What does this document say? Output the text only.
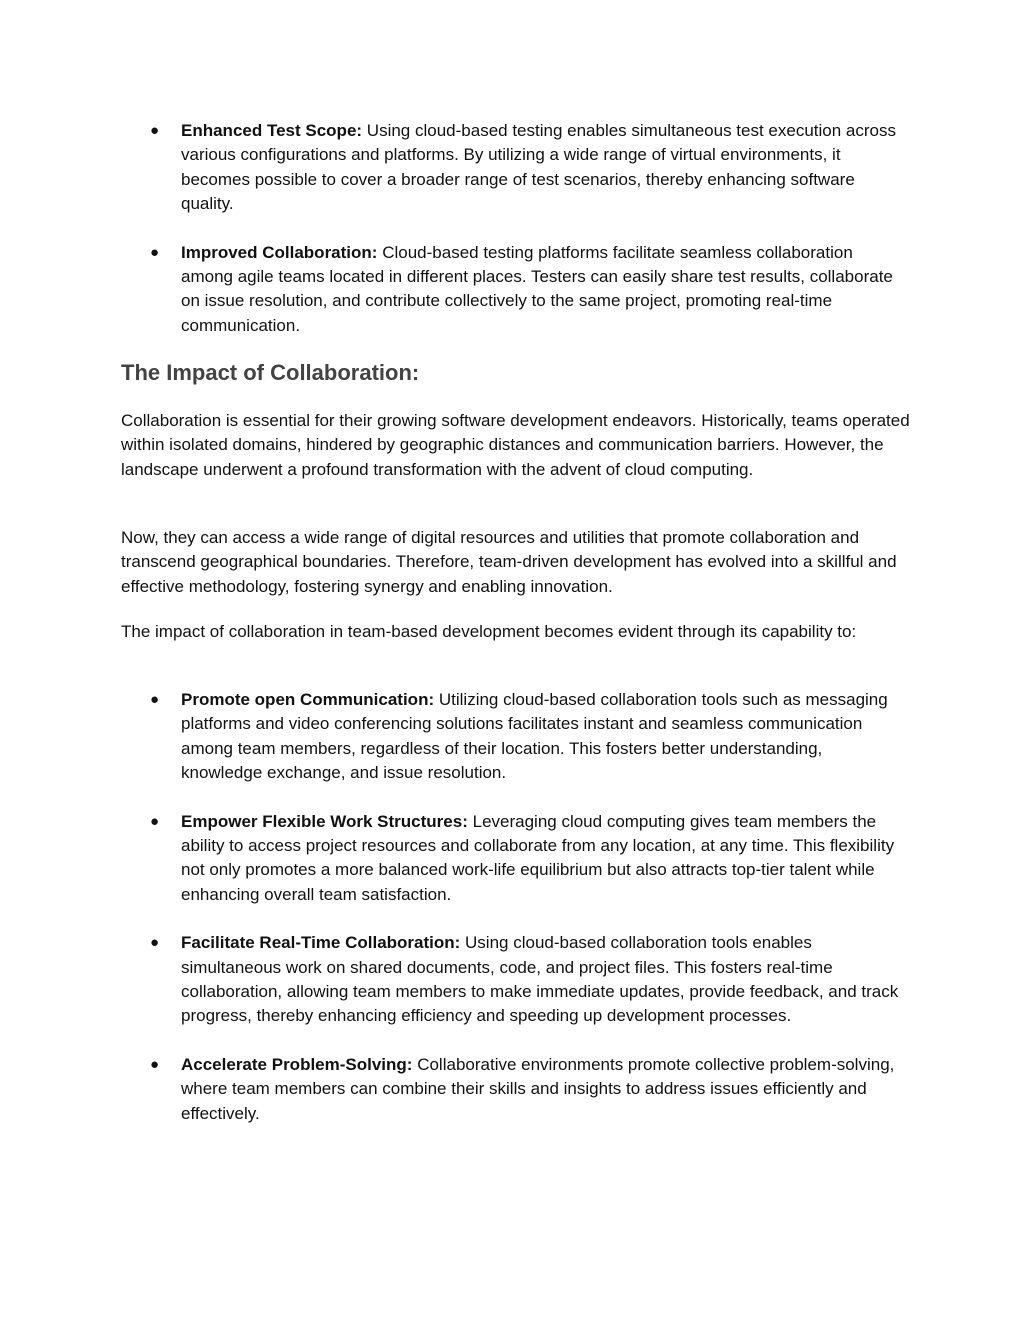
● Enhanced Test Scope: Using cloud-based testing enables simultaneous test execution across various configurations and platforms. By utilizing a wide range of virtual environments, it becomes possible to cover a broader range of test scenarios, thereby enhancing software quality.
● Improved Collaboration: Cloud-based testing platforms facilitate seamless collaboration among agile teams located in different places. Testers can easily share test results, collaborate on issue resolution, and contribute collectively to the same project, promoting real-time communication.
The Impact of Collaboration:

Collaboration is essential for their growing software development endeavors. Historically, teams operated within isolated domains, hindered by geographic distances and communication barriers. However, the landscape underwent a profound transformation with the advent of cloud computing.

Now, they can access a wide range of digital resources and utilities that promote collaboration and transcend geographical boundaries. Therefore, team-driven development has evolved into a skillful and effective methodology, fostering synergy and enabling innovation.

The impact of collaboration in team-based development becomes evident through its capability to:

● Promote open Communication: Utilizing cloud-based collaboration tools such as messaging platforms and video conferencing solutions facilitates instant and seamless communication among team members, regardless of their location. This fosters better understanding, knowledge exchange, and issue resolution.
● Empower Flexible Work Structures: Leveraging cloud computing gives team members the ability to access project resources and collaborate from any location, at any time. This flexibility not only promotes a more balanced work-life equilibrium but also attracts top-tier talent while enhancing overall team satisfaction.
● Facilitate Real-Time Collaboration: Using cloud-based collaboration tools enables simultaneous work on shared documents, code, and project files. This fosters real-time collaboration, allowing team members to make immediate updates, provide feedback, and track progress, thereby enhancing efficiency and speeding up development processes.
● Accelerate Problem-Solving: Collaborative environments promote collective problem-solving, where team members can combine their skills and insights to address issues efficiently and effectively.
